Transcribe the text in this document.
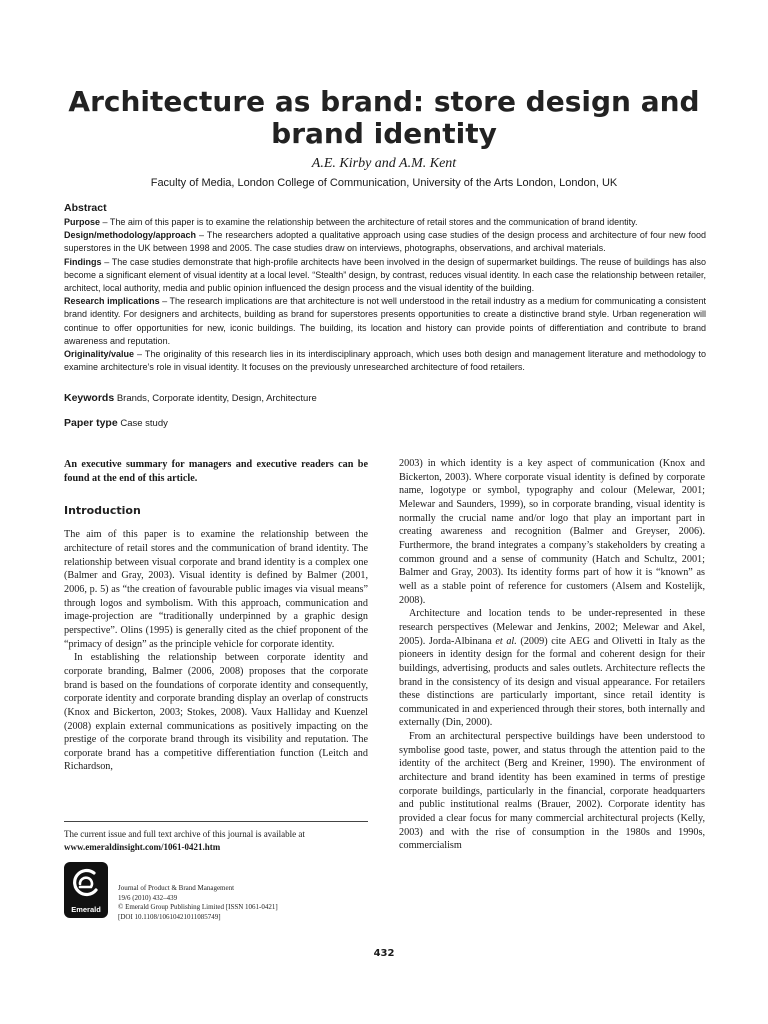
Architecture as brand: store design and brand identity
A.E. Kirby and A.M. Kent
Faculty of Media, London College of Communication, University of the Arts London, London, UK
Abstract

Purpose – The aim of this paper is to examine the relationship between the architecture of retail stores and the communication of brand identity.

Design/methodology/approach – The researchers adopted a qualitative approach using case studies of the design process and architecture of four new food superstores in the UK between 1998 and 2005. The case studies draw on interviews, photographs, observations, and archival materials.

Findings – The case studies demonstrate that high-profile architects have been involved in the design of supermarket buildings. The reuse of buildings has also become a significant element of visual identity at a local level. “Stealth” design, by contrast, reduces visual identity. In each case the relationship between retailer, architect, local authority, media and public opinion influenced the design process and the visual identity of the building.

Research implications – The research implications are that architecture is not well understood in the retail industry as a medium for communicating a consistent brand identity. For designers and architects, building as brand for superstores presents opportunities to create a distinctive brand style. Urban regeneration will continue to offer opportunities for new, iconic buildings. The building, its location and history can provide points of differentiation and contribute to brand awareness and reputation.

Originality/value – The originality of this research lies in its interdisciplinary approach, which uses both design and management literature and methodology to examine architecture’s role in visual identity. It focuses on the previously unresearched architecture of food retailers.

Keywords Brands, Corporate identity, Design, Architecture
Paper type Case study

An executive summary for managers and executive readers can be found at the end of this article.

Introduction

The aim of this paper is to examine the relationship between the architecture of retail stores and the communication of brand identity. The relationship between visual corporate and brand identity is a complex one (Balmer and Gray, 2003). Visual identity is defined by Balmer (2001, 2006, p. 5) as “the creation of favourable public images via visual means” through logos and symbolism. With this approach, communication and image-projection are “traditionally underpinned by a graphic design perspective”. Olins (1995) is generally cited as the chief proponent of the “primacy of design” as the principle vehicle for corporate identity.

In establishing the relationship between corporate identity and corporate branding, Balmer (2006, 2008) proposes that the corporate brand is based on the foundations of corporate identity and consequently, corporate identity and corporate branding display an overlap of constructs (Knox and Bickerton, 2003; Stokes, 2008). Vaux Halliday and Kuenzel (2008) explain external communications as positively impacting on the prestige of the corporate brand through its visibility and reputation. The corporate brand has a competitive differentiation function (Leitch and Richardson,

2003) in which identity is a key aspect of communication (Knox and Bickerton, 2003). Where corporate visual identity is defined by corporate name, logotype or symbol, typography and colour (Melewar, 2001; Melewar and Saunders, 1999), so in corporate branding, visual identity is normally the crucial name and/or logo that play an important part in creating awareness and recognition (Balmer and Greyser, 2006). Furthermore, the brand integrates a company’s stakeholders by creating a common ground and a sense of community (Hatch and Schultz, 2001; Balmer and Gray, 2003). Its identity forms part of how it is “known” as well as a stable point of reference for customers (Alsem and Kostelijk, 2008).

Architecture and location tends to be under-represented in these research perspectives (Melewar and Jenkins, 2002; Melewar and Akel, 2005). Jorda-Albinana et al. (2009) cite AEG and Olivetti in Italy as the pioneers in identity design for the formal and coherent design for their buildings, advertising, products and sales outlets. Architecture reflects the brand in the consistency of its design and visual appearance. For retailers these distinctions are particularly important, since retail identity is communicated in and experienced through their stores, both internally and externally (Din, 2000).

From an architectural perspective buildings have been understood to symbolise good taste, power, and status through the attention paid to the identity of the architect (Berg and Kreiner, 1990). The environment of architecture and brand identity has been examined in terms of prestige corporate buildings, particularly in the financial, corporate headquarters and public institutional realms (Brauer, 2002). Corporate identity has provided a clear focus for many commercial architectural projects (Kelly, 2003) and with the rise of consumption in the 1980s and 1990s, commercialism

The current issue and full text archive of this journal is available at
www.emeraldinsight.com/1061-0421.htm
Emerald
Journal of Product & Brand Management
19/6 (2010) 432–439
© Emerald Group Publishing Limited [ISSN 1061-0421]
[DOI 10.1108/10610421011085749]
432
